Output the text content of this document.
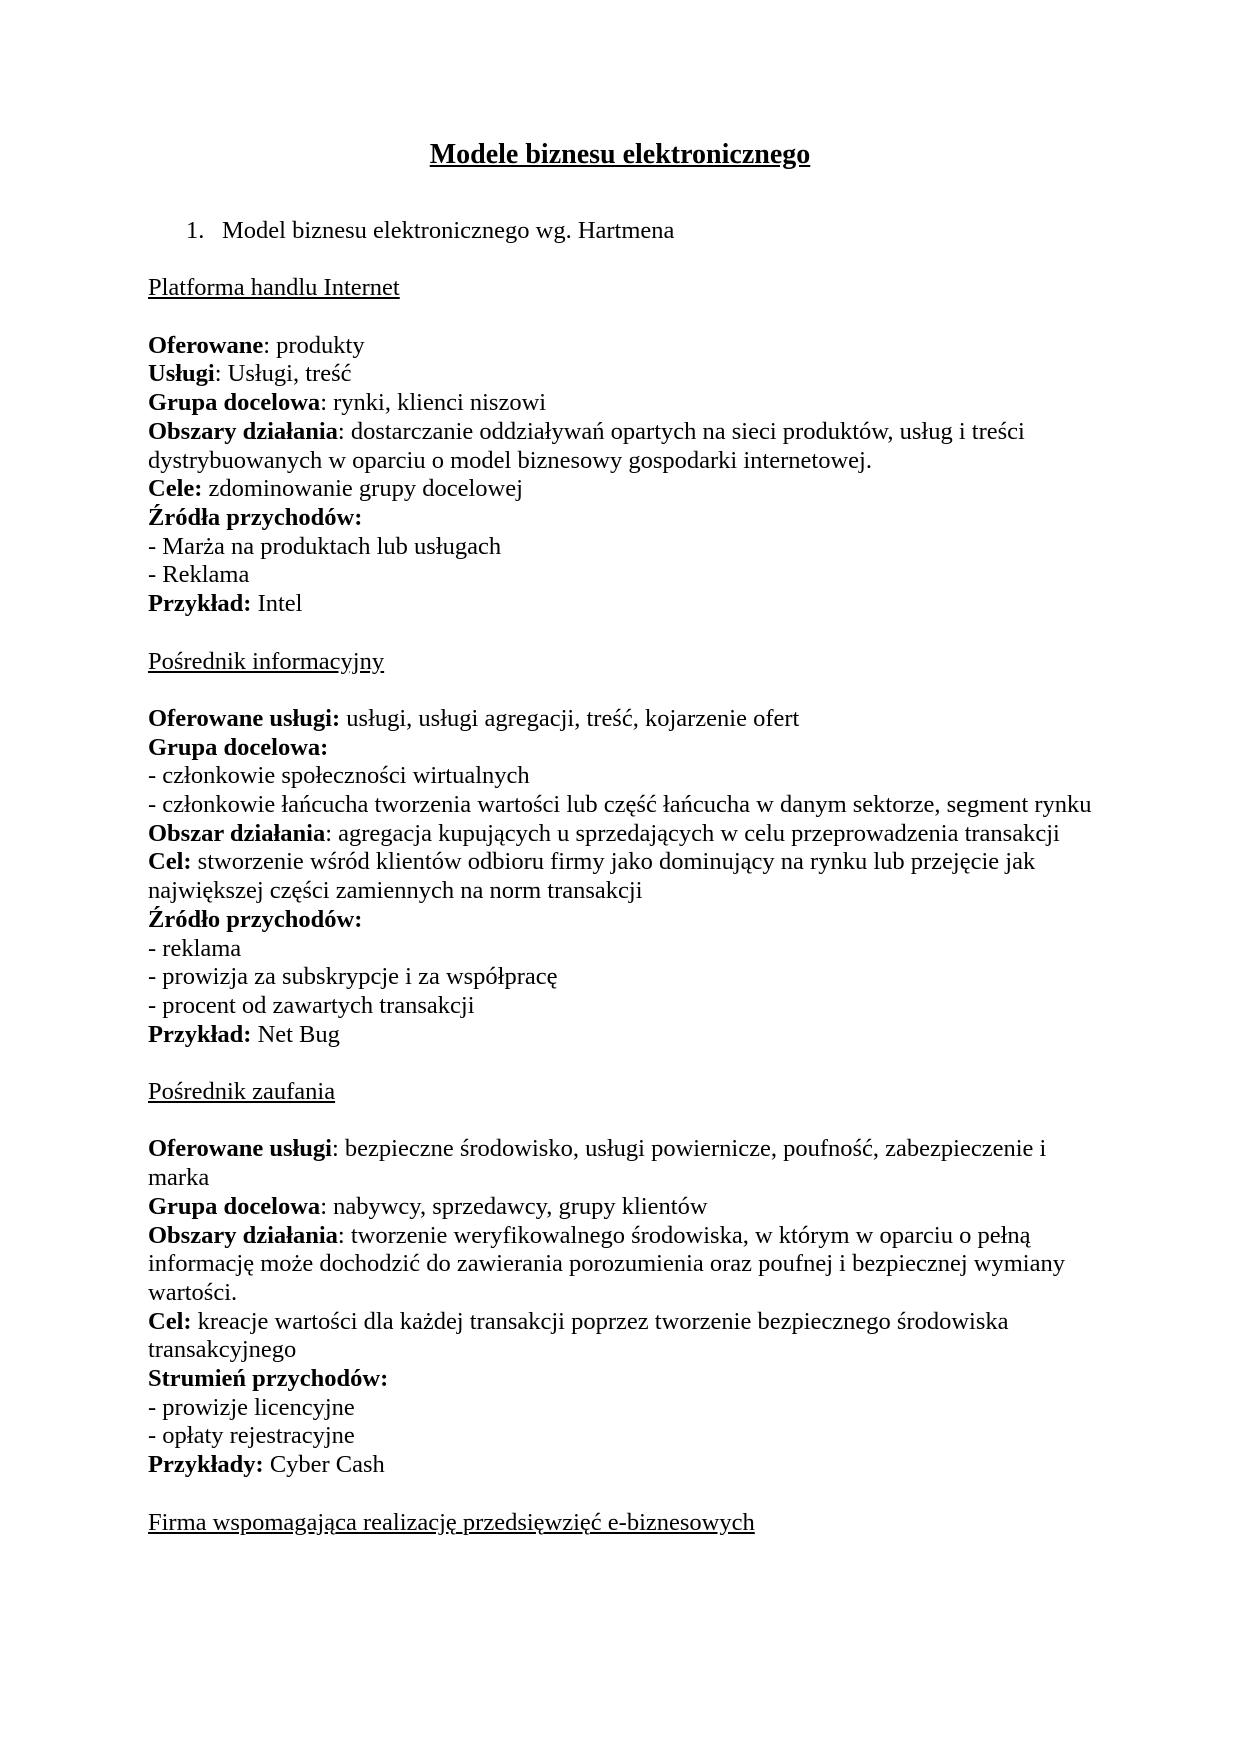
Modele biznesu elektronicznego
1. Model biznesu elektronicznego wg. Hartmena
Platforma handlu Internet
Oferowane: produkty
Usługi: Usługi, treść
Grupa docelowa: rynki, klienci niszowi
Obszary działania: dostarczanie oddziaływań opartych na sieci produktów, usług i treści dystrybuowanych w oparciu o model biznesowy gospodarki internetowej.
Cele: zdominowanie grupy docelowej
Źródła przychodów:
- Marża na produktach lub usługach
- Reklama
Przykład: Intel
Pośrednik informacyjny
Oferowane usługi: usługi, usługi agregacji, treść, kojarzenie ofert
Grupa docelowa:
- członkowie społeczności wirtualnych
- członkowie łańcucha tworzenia wartości lub część łańcucha w danym sektorze, segment rynku
Obszar działania: agregacja kupujących u sprzedających w celu przeprowadzenia transakcji
Cel: stworzenie wśród klientów odbioru firmy jako dominujący na rynku lub przejęcie jak największej części zamiennych na norm transakcji
Źródło przychodów:
- reklama
- prowizja za subskrypcje i za współpracę
- procent od zawartych transakcji
Przykład: Net Bug
Pośrednik zaufania
Oferowane usługi: bezpieczne środowisko, usługi powiernicze, poufność, zabezpieczenie i marka
Grupa docelowa: nabywcy, sprzedawcy, grupy klientów
Obszary działania: tworzenie weryfikowalnego środowiska, w którym w oparciu o pełną informację może dochodzić do zawierania porozumienia oraz poufnej i bezpiecznej wymiany wartości.
Cel: kreacje wartości dla każdej transakcji poprzez tworzenie bezpiecznego środowiska transakcyjnego
Strumień przychodów:
- prowizje licencyjne
- opłaty rejestracyjne
Przykłady: Cyber Cash
Firma wspomagająca realizację przedsięwzięć e-biznesowych
